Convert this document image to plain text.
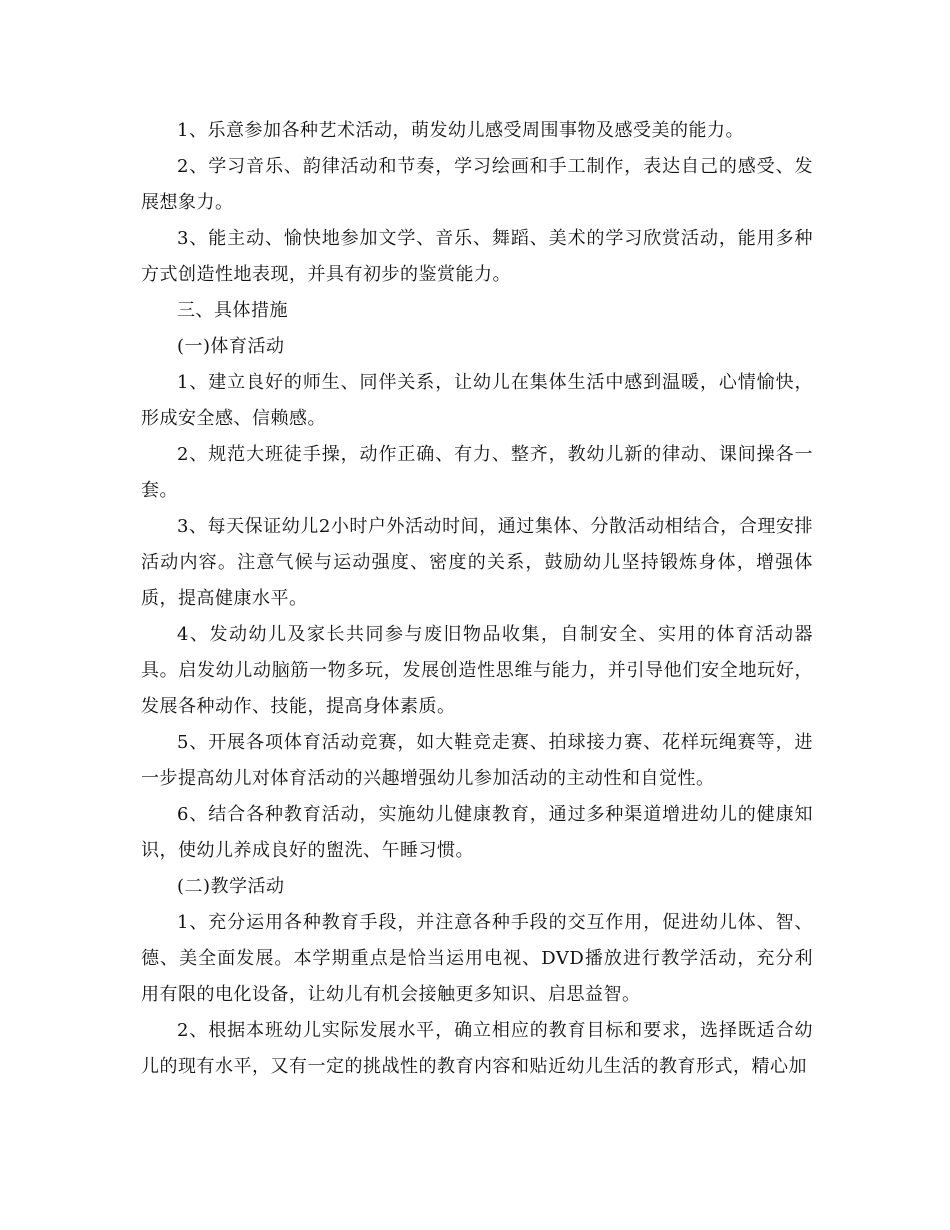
1、乐意参加各种艺术活动，萌发幼儿感受周围事物及感受美的能力。

2、学习音乐、韵律活动和节奏，学习绘画和手工制作，表达自己的感受、发展想象力。

3、能主动、愉快地参加文学、音乐、舞蹈、美术的学习欣赏活动，能用多种方式创造性地表现，并具有初步的鉴赏能力。

三、具体措施

(一)体育活动

1、建立良好的师生、同伴关系，让幼儿在集体生活中感到温暖，心情愉快，形成安全感、信赖感。

2、规范大班徒手操，动作正确、有力、整齐，教幼儿新的律动、课间操各一套。

3、每天保证幼儿2小时户外活动时间，通过集体、分散活动相结合，合理安排活动内容。注意气候与运动强度、密度的关系，鼓励幼儿坚持锻炼身体，增强体质，提高健康水平。

4、发动幼儿及家长共同参与废旧物品收集，自制安全、实用的体育活动器具。启发幼儿动脑筋一物多玩，发展创造性思维与能力，并引导他们安全地玩好，发展各种动作、技能，提高身体素质。

5、开展各项体育活动竞赛，如大鞋竞走赛、拍球接力赛、花样玩绳赛等，进一步提高幼儿对体育活动的兴趣增强幼儿参加活动的主动性和自觉性。

6、结合各种教育活动，实施幼儿健康教育，通过多种渠道增进幼儿的健康知识，使幼儿养成良好的盥洗、午睡习惯。

(二)教学活动

1、充分运用各种教育手段，并注意各种手段的交互作用，促进幼儿体、智、德、美全面发展。本学期重点是恰当运用电视、DVD播放进行教学活动，充分利用有限的电化设备，让幼儿有机会接触更多知识、启思益智。

2、根据本班幼儿实际发展水平，确立相应的教育目标和要求，选择既适合幼儿的现有水平，又有一定的挑战性的教育内容和贴近幼儿生活的教育形式，精心加
